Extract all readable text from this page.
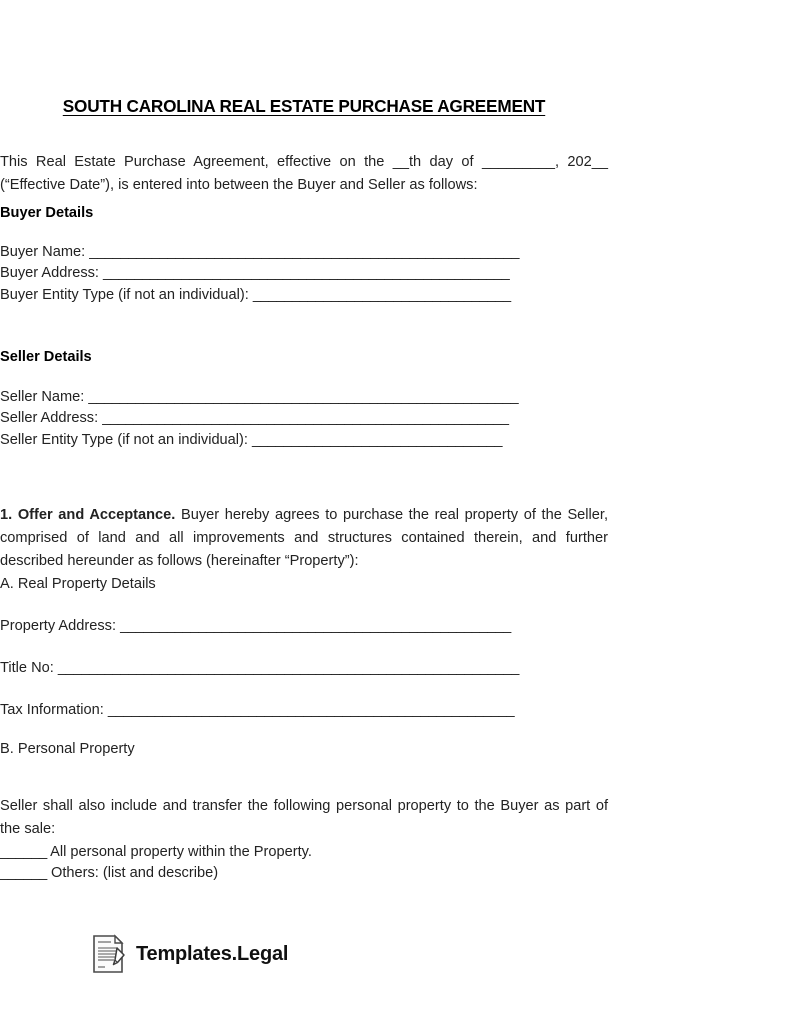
SOUTH CAROLINA REAL ESTATE PURCHASE AGREEMENT

This Real Estate Purchase Agreement, effective on the __th day of _________, 202__ (“Effective Date”), is entered into between the Buyer and Seller as follows:

Buyer Details
Buyer Name: _______________________________________________________
Buyer Address: ____________________________________________________
Buyer Entity Type (if not an individual): _________________________________
Seller Details
Seller Name: _______________________________________________________
Seller Address: ____________________________________________________
Seller Entity Type (if not an individual): ________________________________

1. Offer and Acceptance. Buyer hereby agrees to purchase the real property of the Seller, comprised of land and all improvements and structures contained therein, and further described hereunder as follows (hereinafter “Property”):

A. Real Property Details
Property Address: __________________________________________________
Title No: ___________________________________________________________
Tax Information: ____________________________________________________
B. Personal Property

Seller shall also include and transfer the following personal property to the Buyer as part of the sale:

______ All personal property within the Property.
______ Others: (list and describe)
Templates.Legal
